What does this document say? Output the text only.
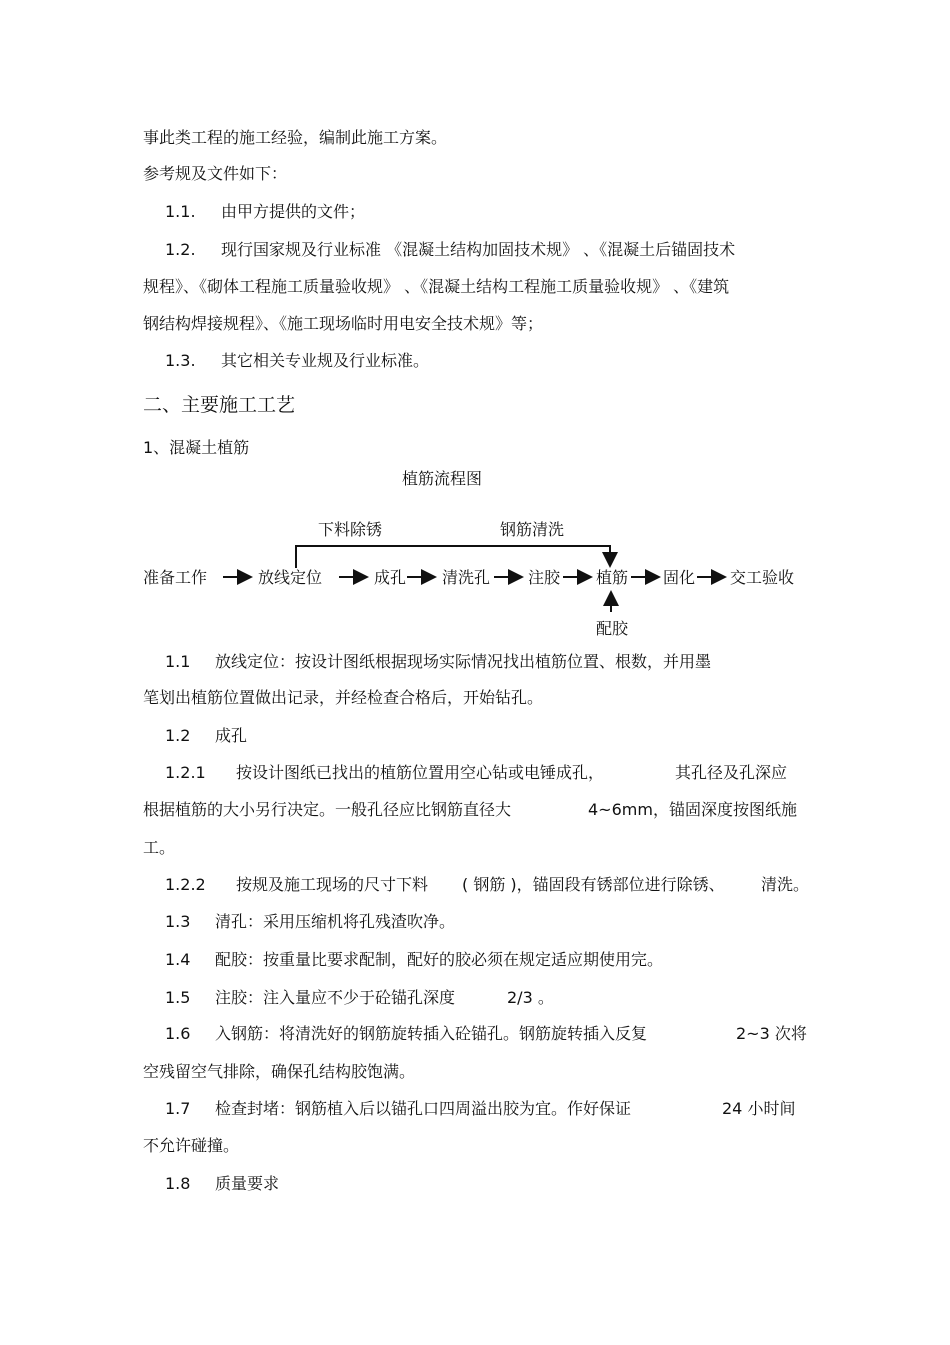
事此类工程的施工经验，编制此施工方案。
参考规及文件如下：
1.1. 由甲方提供的文件；
1.2. 现行国家规及行业标准 《混凝土结构加固技术规》 、《混凝土后锚固技术
规程》、《砌体工程施工质量验收规》 、《混凝土结构工程施工质量验收规》 、《建筑
钢结构焊接规程》、《施工现场临时用电安全技术规》等；
1.3. 其它相关专业规及行业标准。
二、主要施工工艺
1、混凝土植筋
植筋流程图
下料除锈	钢筋清洗
准备工作	放线定位	成孔 清洗孔 注胶 植筋 固化 交工验收
配胶
1.1 放线定位：按设计图纸根据现场实际情况找出植筋位置、根数，并用墨
笔划出植筋位置做出记录，并经检查合格后，开始钻孔。
1.2 成孔
1.2.1 按设计图纸已找出的植筋位置用空心钻或电锤成孔，	其孔径及孔深应
根据植筋的大小另行决定。一般孔径应比钢筋直径大	4~6mm，锚固深度按图纸施
工。
1.2.2 按规及施工现场的尺寸下料 ( 钢筋 )，锚固段有锈部位进行除锈、 清洗。
1.3 清孔：采用压缩机将孔残渣吹净。
1.4 配胶：按重量比要求配制，配好的胶必须在规定适应期使用完。
1.5 注胶：注入量应不少于砼锚孔深度	2/3 。
1.6 入钢筋：将清洗好的钢筋旋转插入砼锚孔。钢筋旋转插入反复	2~3 次将
空残留空气排除，确保孔结构胶饱满。
1.7 检查封堵：钢筋植入后以锚孔口四周溢出胶为宜。作好保证	24 小时间
不允许碰撞。
1.8 质量要求
